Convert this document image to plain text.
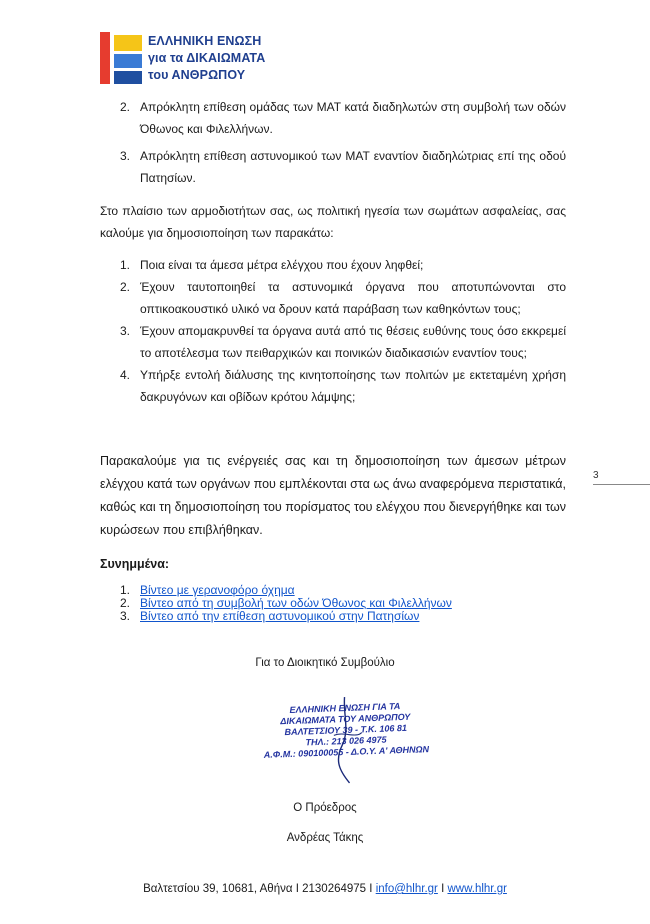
ΕΛΛΗΝΙΚΗ ΕΝΩΣΗ
για τα ΔΙΚΑΙΩΜΑΤΑ
του ΑΝΘΡΩΠΟΥ
2. Απρόκλητη επίθεση ομάδας των ΜΑΤ κατά διαδηλωτών στη συμβολή των οδών Όθωνος και Φιλελλήνων.
3. Απρόκλητη επίθεση αστυνομικού των ΜΑΤ εναντίον διαδηλώτριας επί της οδού Πατησίων.

Στο πλαίσιο των αρμοδιοτήτων σας, ως πολιτική ηγεσία των σωμάτων ασφαλείας, σας καλούμε για δημοσιοποίηση των παρακάτω:

1. Ποια είναι τα άμεσα μέτρα ελέγχου που έχουν ληφθεί;
2. Έχουν ταυτοποιηθεί τα αστυνομικά όργανα που αποτυπώνονται στο οπτικοακουστικό υλικό να δρουν κατά παράβαση των καθηκόντων τους;
3. Έχουν απομακρυνθεί τα όργανα αυτά από τις θέσεις ευθύνης τους όσο εκκρεμεί το αποτέλεσμα των πειθαρχικών και ποινικών διαδικασιών εναντίον τους;
4. Υπήρξε εντολή διάλυσης της κινητοποίησης των πολιτών με εκτεταμένη χρήση δακρυγόνων και οβίδων κρότου λάμψης;

Παρακαλούμε για τις ενέργειές σας και τη δημοσιοποίηση των άμεσων μέτρων ελέγχου κατά των οργάνων που εμπλέκονται στα ως άνω αναφερόμενα περιστατικά, καθώς και τη δημοσιοποίηση του πορίσματος του ελέγχου που διενεργήθηκε και των κυρώσεων που επιβλήθηκαν.

3
Συνημμένα:
1. Βίντεο με γερανοφόρο όχημα
2. Βίντεο από τη συμβολή των οδών Όθωνος και Φιλελλήνων
3. Βίντεο από την επίθεση αστυνομικού στην Πατησίων
Για το Διοικητικό Συμβούλιο
ΕΛΛΗΝΙΚΗ ΕΝΩΣΗ ΓΙΑ ΤΑ
ΔΙΚΑΙΩΜΑΤΑ ΤΟΥ ΑΝΘΡΩΠΟΥ
ΒΑΛΤΕΤΣΙΟΥ 39 - Τ.Κ. 106 81
ΤΗΛ.: 213 026 4975
Α.Φ.Μ.: 090100055 - Δ.Ο.Υ. Α' ΑΘΗΝΩΝ
Ο Πρόεδρος
Ανδρέας Τάκης
Βαλτετσίου 39, 10681, Αθήνα I 2130264975 I info@hlhr.gr I www.hlhr.gr
